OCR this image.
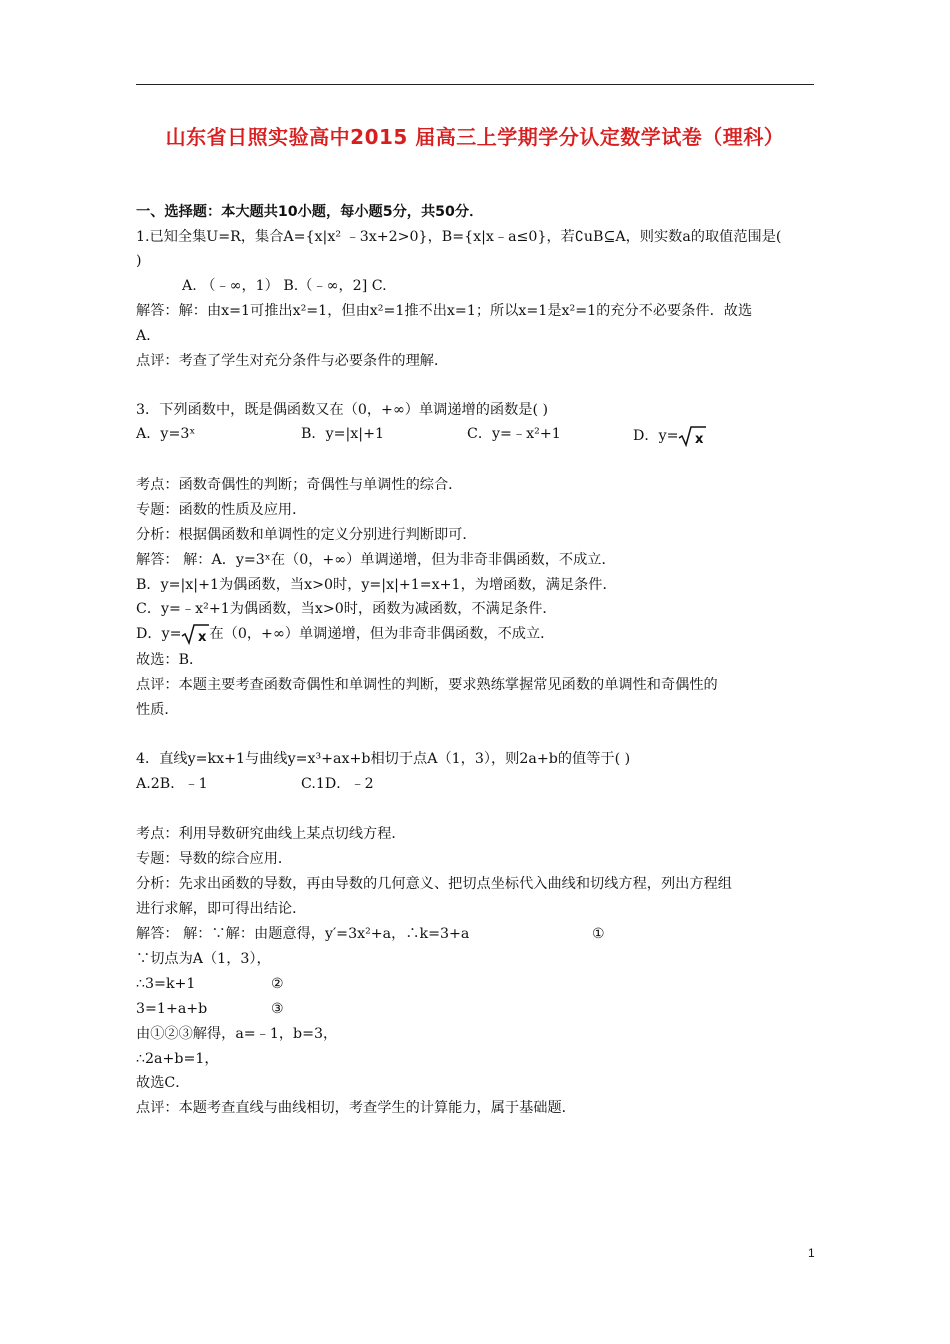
山东省日照实验高中2015 届高三上学期学分认定数学试卷（理科）
一、选择题：本大题共10小题，每小题5分，共50分．
1.已知全集U=R，集合A={x|x² ﹣3x+2>0}，B={x|x﹣a≤0}，若∁uB⊆A，则实数a的取值范围是(
)
A. （﹣∞，1） B.（﹣∞，2] C.
解答：解：由x=1可推出x²=1，但由x²=1推不出x=1；所以x=1是x²=1的充分不必要条件．故选
A．
点评：考查了学生对充分条件与必要条件的理解．
3．下列函数中，既是偶函数又在（0，+∞）单调递增的函数是( )
A．y=3ˣ	B．y=|x|+1	C．y=﹣x²+1	D．y= x
考点：函数奇偶性的判断；奇偶性与单调性的综合．
专题：函数的性质及应用．
分析：根据偶函数和单调性的定义分别进行判断即可．
解答： 解：A．y=3ˣ在（0，+∞）单调递增，但为非奇非偶函数，不成立．
B．y=|x|+1为偶函数，当x>0时，y=|x|+1=x+1，为增函数，满足条件．
C．y=﹣x²+1为偶函数，当x>0时，函数为减函数，不满足条件．
D．y= x 在（0，+∞）单调递增，但为非奇非偶函数，不成立．
故选：B．
点评：本题主要考查函数奇偶性和单调性的判断，要求熟练掌握常见函数的单调性和奇偶性的
性质．
4．直线y=kx+1与曲线y=x³+ax+b相切于点A（1，3），则2a+b的值等于( )
A.2B．﹣1	C.1D．﹣2
考点：利用导数研究曲线上某点切线方程．
专题：导数的综合应用．
分析：先求出函数的导数，再由导数的几何意义、把切点坐标代入曲线和切线方程，列出方程组
进行求解，即可得出结论．
解答： 解：∵解：由题意得，y′=3x²+a，∴k=3+a	①
∵切点为A（1，3），
∴3=k+1	②
3=1+a+b	③
由①②③解得，a=﹣1，b=3，
∴2a+b=1，
故选C．
点评：本题考查直线与曲线相切，考查学生的计算能力，属于基础题．
1
